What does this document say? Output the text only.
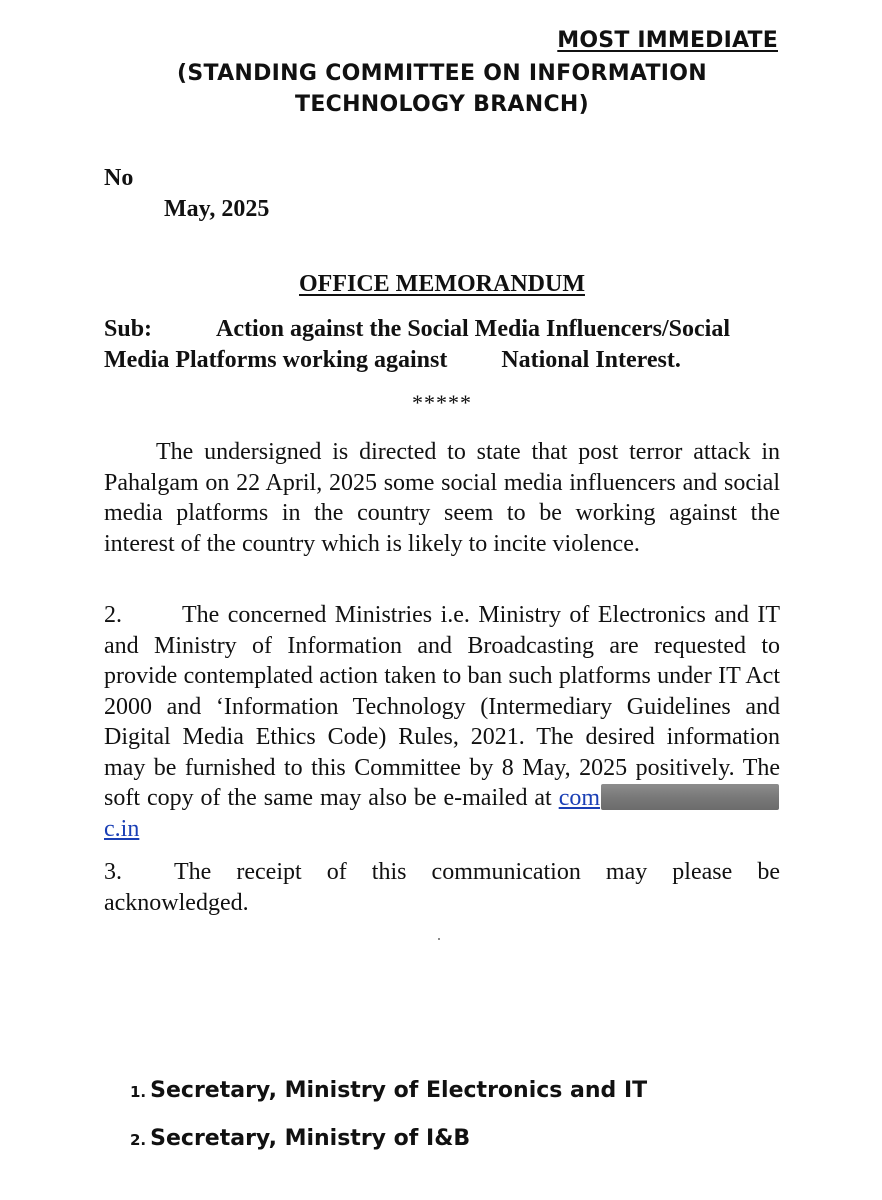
MOST IMMEDIATE
(STANDING COMMITTEE ON INFORMATION
TECHNOLOGY BRANCH)
No
May, 2025
OFFICE MEMORANDUM
Sub:	Action against the Social Media Influencers/Social
Media Platforms working against National Interest.
*****
The undersigned is directed to state that post terror attack in Pahalgam on 22 April, 2025 some social media influencers and social media platforms in the country seem to be working against the interest of the country which is likely to incite violence.
2.	The concerned Ministries i.e. Ministry of Electronics and IT and Ministry of Information and Broadcasting are requested to provide contemplated action taken to ban such platforms under IT Act 2000 and ‘Information Technology (Intermediary Guidelines and Digital Media Ethics Code) Rules, 2021. The desired information may be furnished to this Committee by 8 May, 2025 positively. The soft copy of the same may also be e-mailed at comc.in
3. The receipt of this communication may please be acknowledged.
1. Secretary, Ministry of Electronics and IT
2. Secretary, Ministry of I&B
